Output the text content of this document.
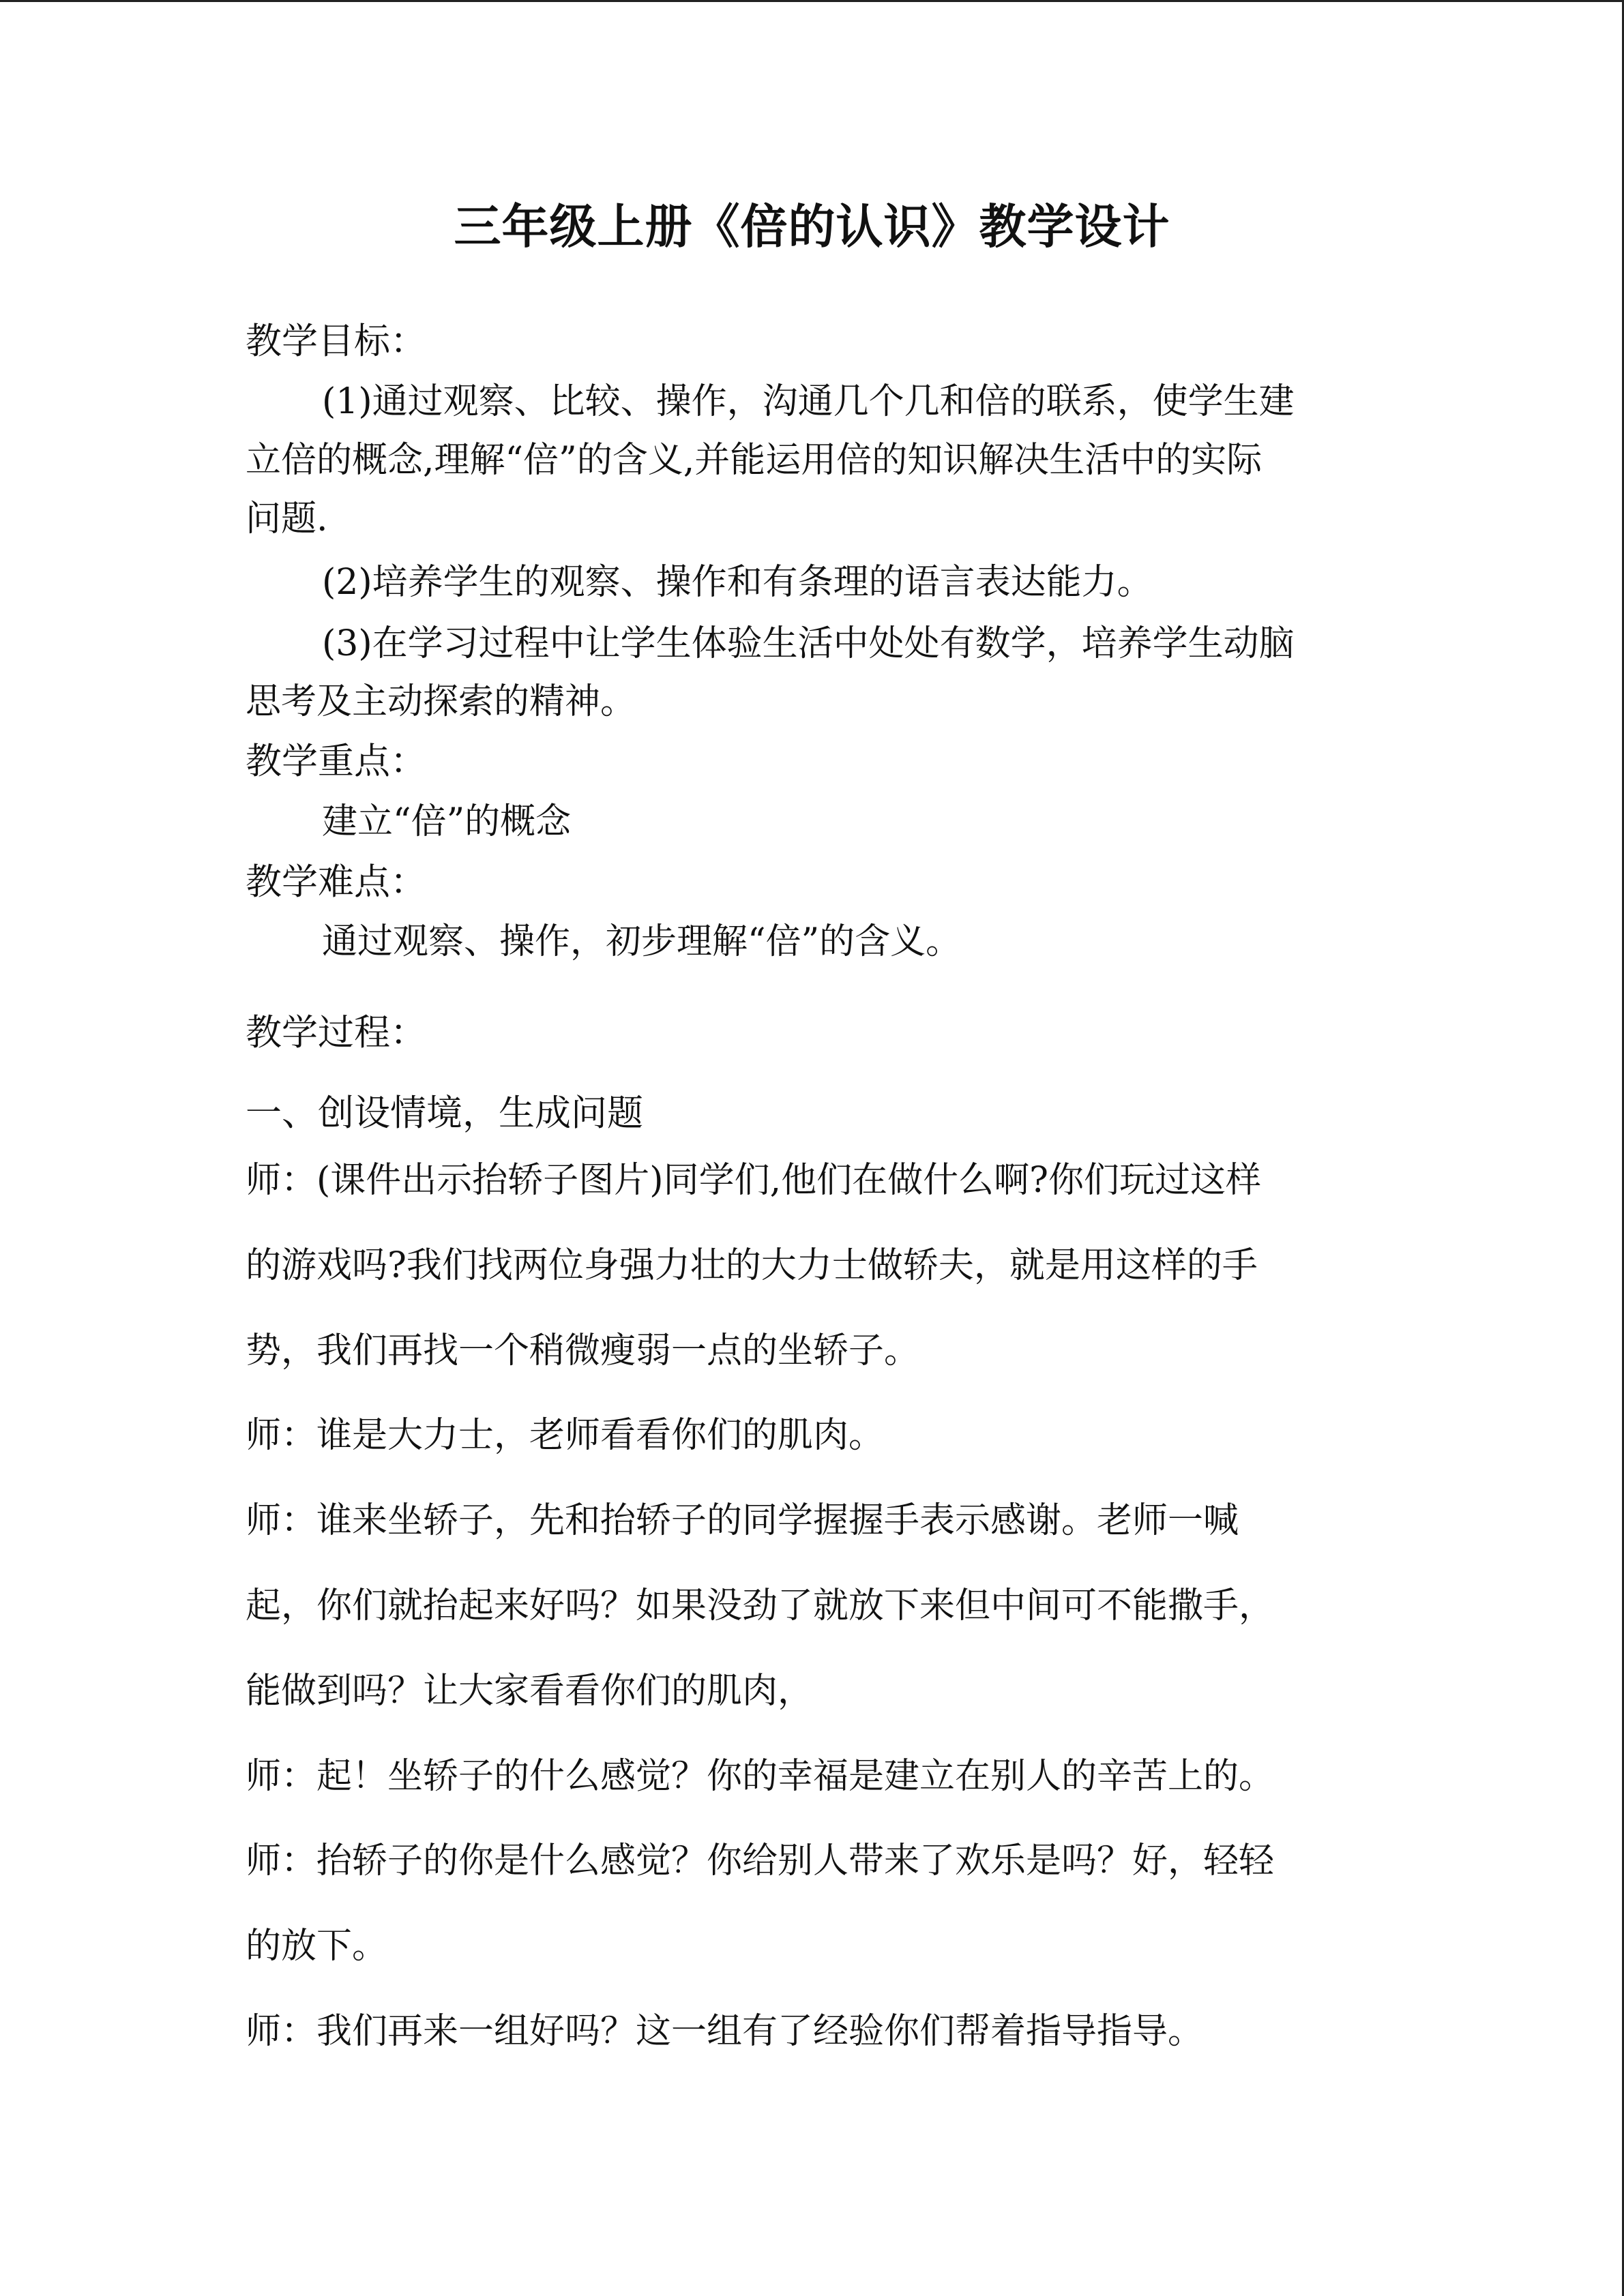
三年级上册《倍的认识》教学设计
教学目标：
(1)通过观察、比较、操作，沟通几个几和倍的联系，使学生建
立倍的概念,理解“倍”的含义,并能运用倍的知识解决生活中的实际
问题.
(2)培养学生的观察、操作和有条理的语言表达能力。
(3)在学习过程中让学生体验生活中处处有数学，培养学生动脑
思考及主动探索的精神。
教学重点：
建立“倍”的概念
教学难点：
通过观察、操作，初步理解“倍”的含义。
教学过程：
一、创设情境，生成问题
师：(课件出示抬轿子图片)同学们,他们在做什么啊?你们玩过这样
的游戏吗?我们找两位身强力壮的大力士做轿夫，就是用这样的手
势，我们再找一个稍微瘦弱一点的坐轿子。
师：谁是大力士，老师看看你们的肌肉。
师：谁来坐轿子，先和抬轿子的同学握握手表示感谢。老师一喊
起，你们就抬起来好吗？如果没劲了就放下来但中间可不能撒手，
能做到吗？让大家看看你们的肌肉，
师：起！坐轿子的什么感觉？你的幸福是建立在别人的辛苦上的。
师：抬轿子的你是什么感觉？你给别人带来了欢乐是吗？好，轻轻
的放下。
师：我们再来一组好吗？这一组有了经验你们帮着指导指导。
